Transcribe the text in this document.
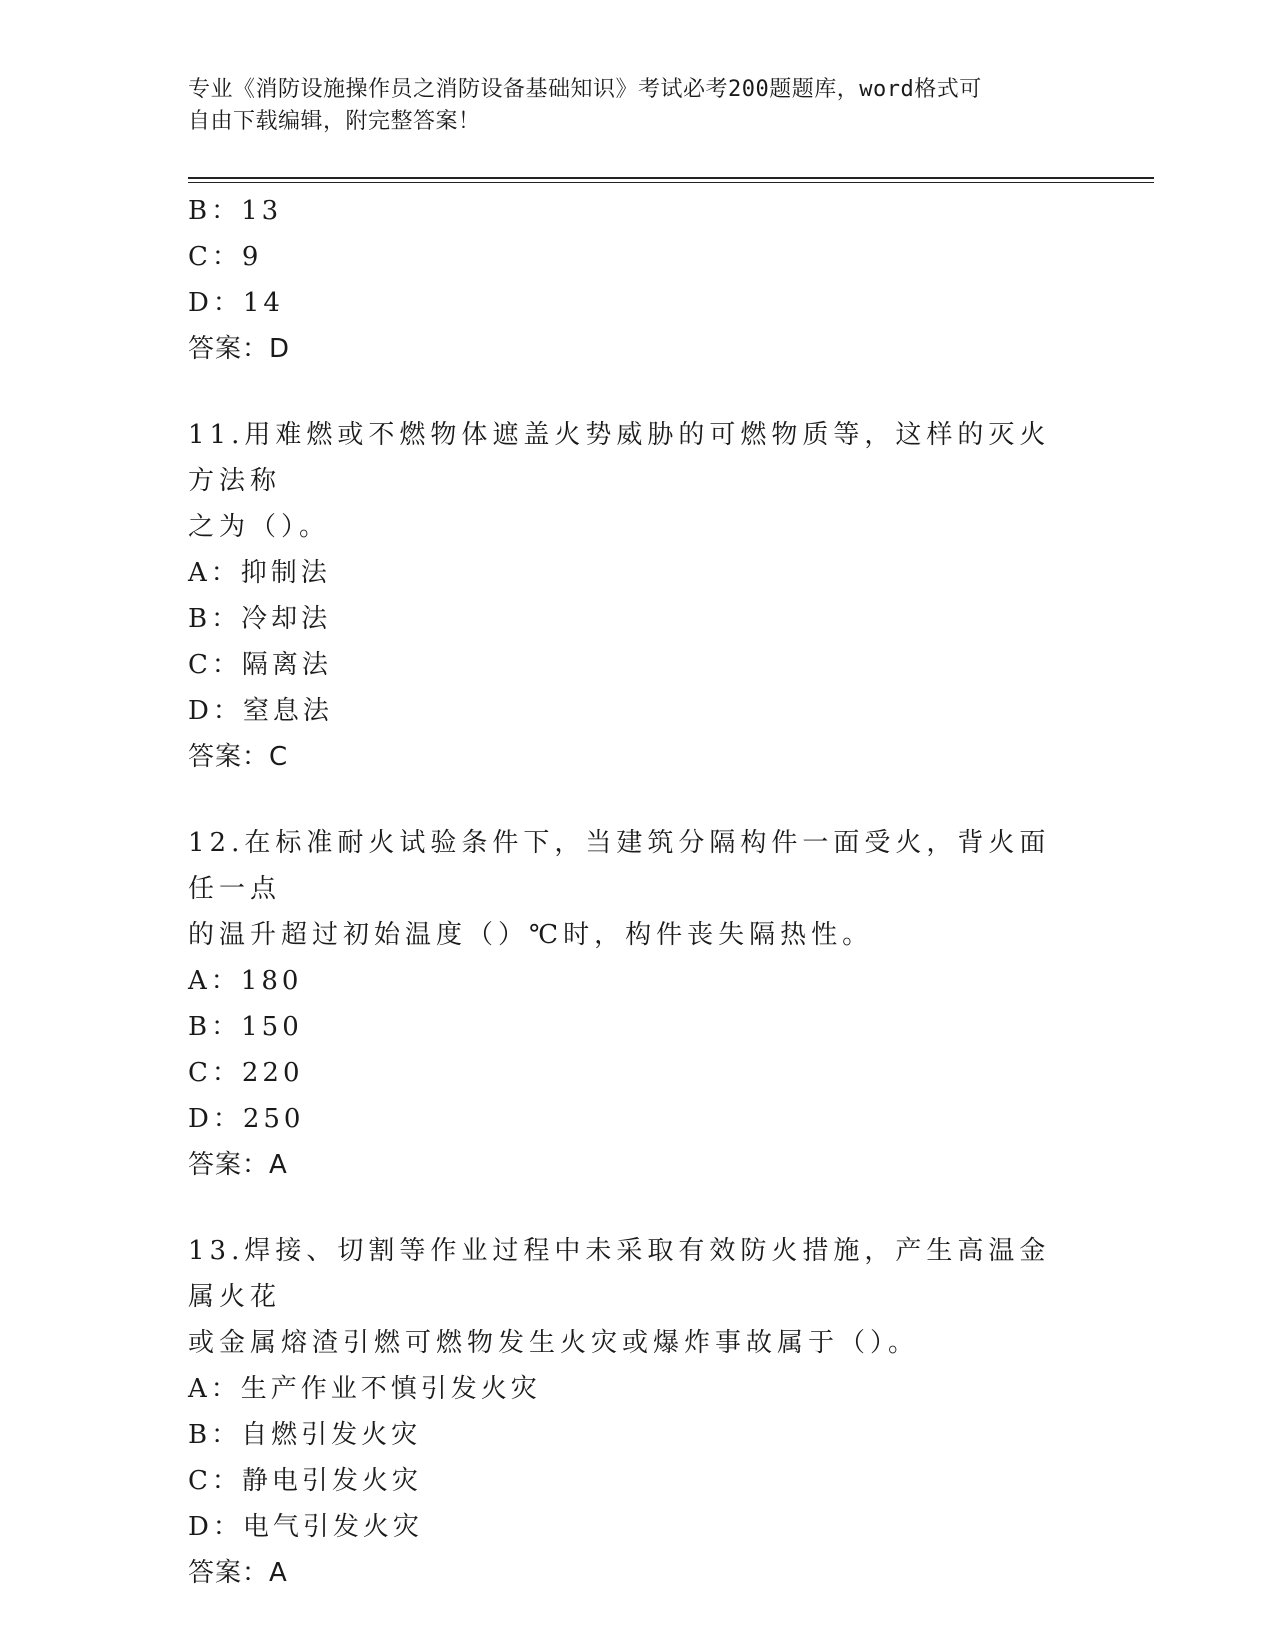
专业《消防设施操作员之消防设备基础知识》考试必考200题题库，word格式可
自由下载编辑，附完整答案！
B：13
C：9
D：14
答案：D
11.用难燃或不燃物体遮盖火势威胁的可燃物质等，这样的灭火方法称
之为（）。
A：抑制法
B：冷却法
C：隔离法
D：窒息法
答案：C
12.在标准耐火试验条件下，当建筑分隔构件一面受火，背火面任一点
的温升超过初始温度（）℃时，构件丧失隔热性。
A：180
B：150
C：220
D：250
答案：A
13.焊接、切割等作业过程中未采取有效防火措施，产生高温金属火花
或金属熔渣引燃可燃物发生火灾或爆炸事故属于（）。
A：生产作业不慎引发火灾
B：自燃引发火灾
C：静电引发火灾
D：电气引发火灾
答案：A
